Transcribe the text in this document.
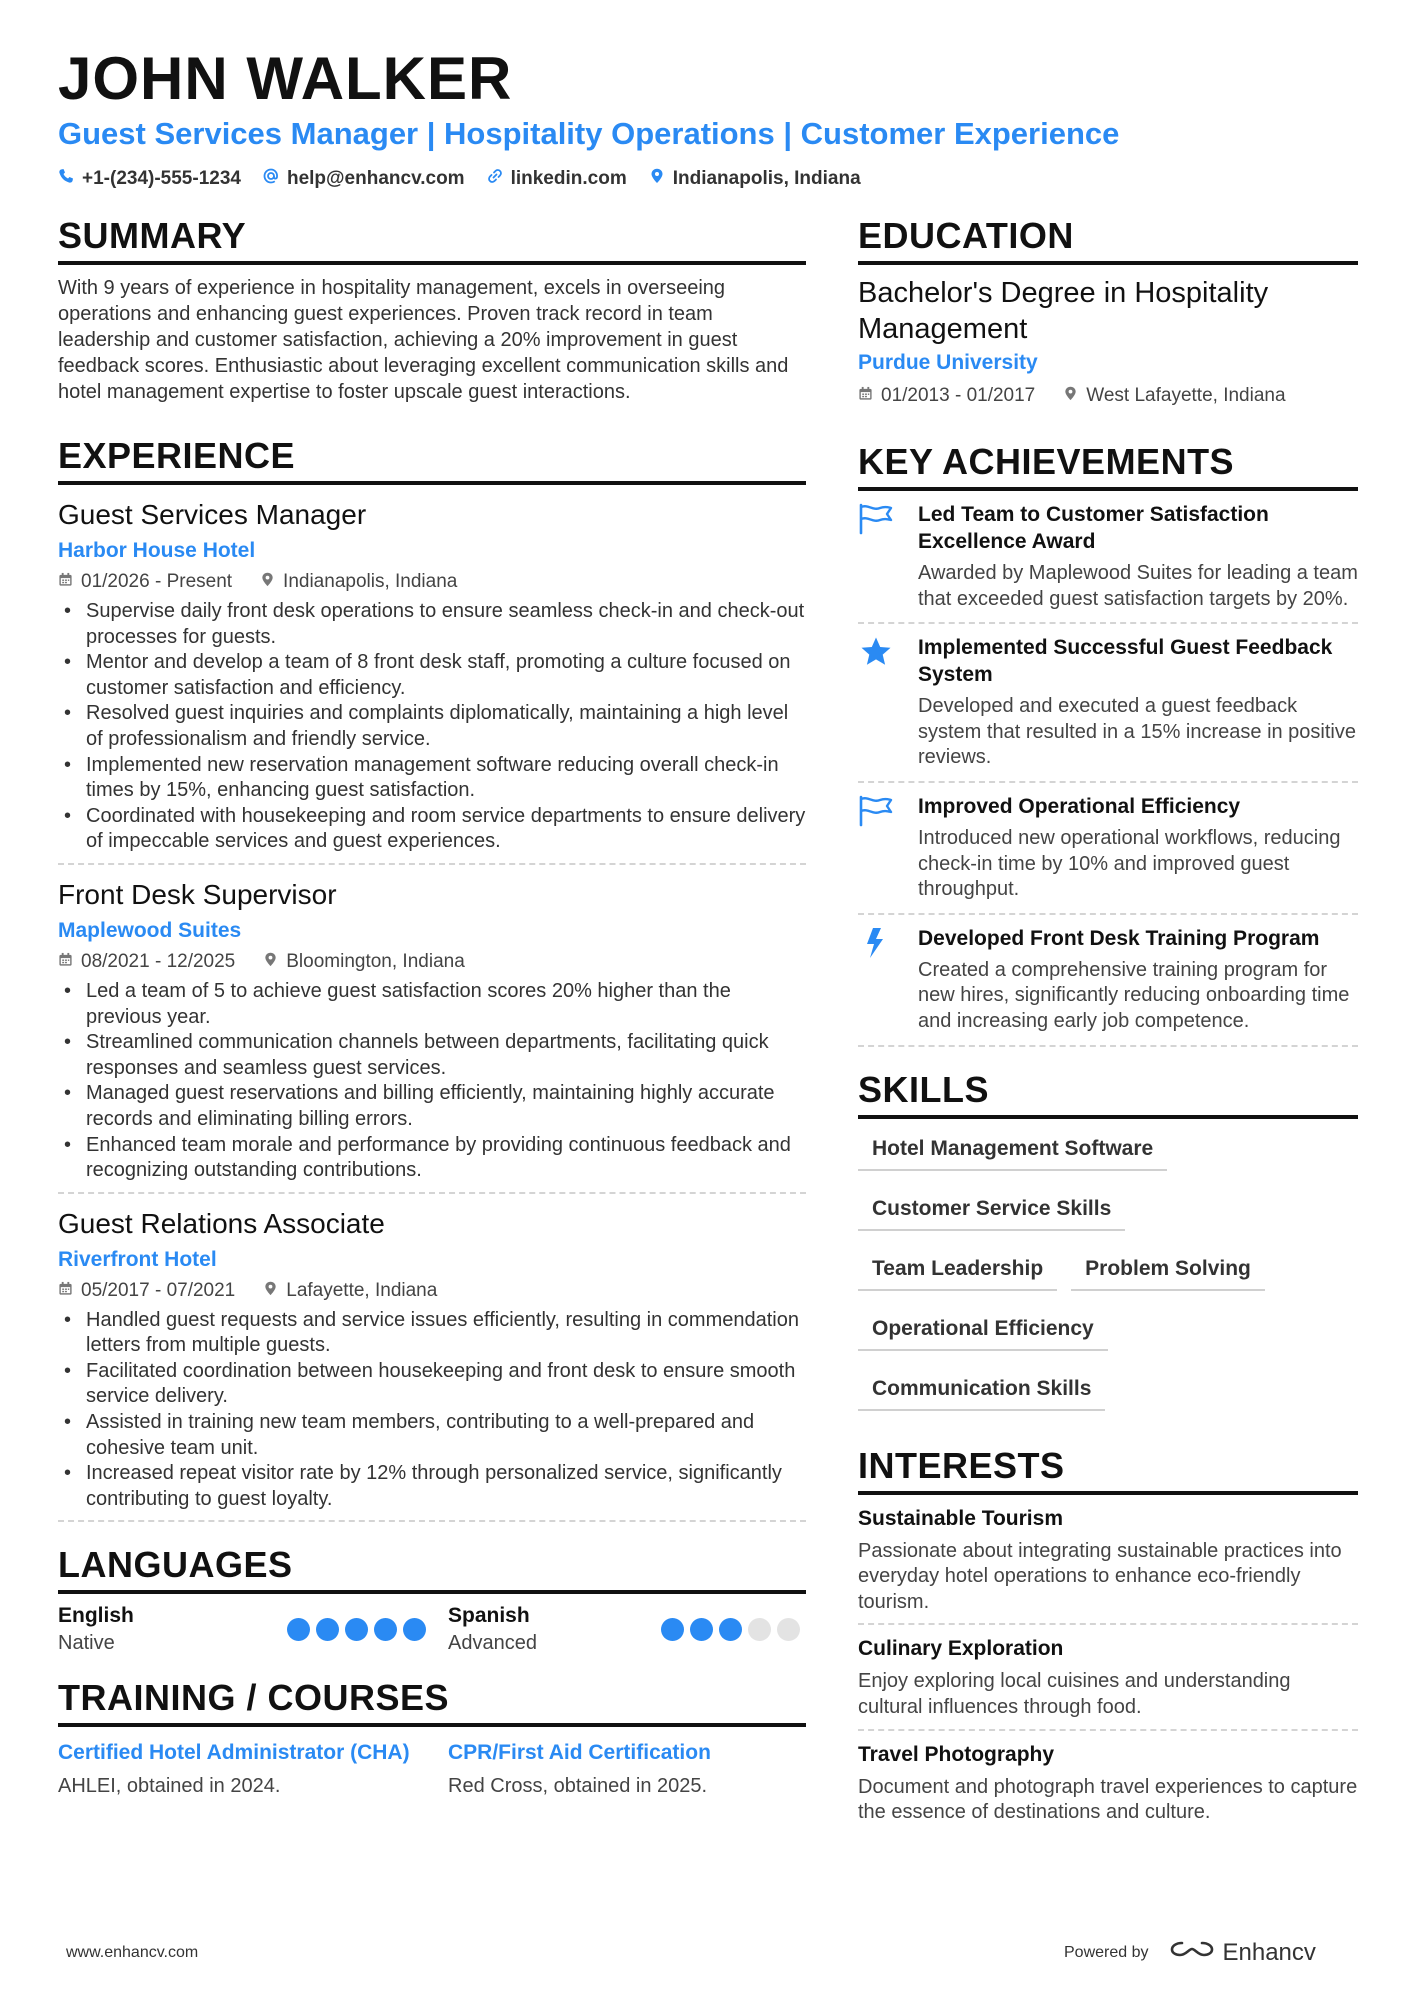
JOHN WALKER
Guest Services Manager | Hospitality Operations | Customer Experience
+1-(234)-555-1234 help@enhancv.com linkedin.com Indianapolis, Indiana
SUMMARY
With 9 years of experience in hospitality management, excels in overseeing operations and enhancing guest experiences. Proven track record in team leadership and customer satisfaction, achieving a 20% improvement in guest feedback scores. Enthusiastic about leveraging excellent communication skills and hotel management expertise to foster upscale guest interactions.
EXPERIENCE
Guest Services Manager
Harbor House Hotel
01/2026 - Present	Indianapolis, Indiana
• Supervise daily front desk operations to ensure seamless check-in and check-out processes for guests.
• Mentor and develop a team of 8 front desk staff, promoting a culture focused on customer satisfaction and efficiency.
• Resolved guest inquiries and complaints diplomatically, maintaining a high level of professionalism and friendly service.
• Implemented new reservation management software reducing overall check-in times by 15%, enhancing guest satisfaction.
• Coordinated with housekeeping and room service departments to ensure delivery of impeccable services and guest experiences.
Front Desk Supervisor
Maplewood Suites
08/2021 - 12/2025	Bloomington, Indiana
• Led a team of 5 to achieve guest satisfaction scores 20% higher than the previous year.
• Streamlined communication channels between departments, facilitating quick responses and seamless guest services.
• Managed guest reservations and billing efficiently, maintaining highly accurate records and eliminating billing errors.
• Enhanced team morale and performance by providing continuous feedback and recognizing outstanding contributions.
Guest Relations Associate
Riverfront Hotel
05/2017 - 07/2021	Lafayette, Indiana
• Handled guest requests and service issues efficiently, resulting in commendation letters from multiple guests.
• Facilitated coordination between housekeeping and front desk to ensure smooth service delivery.
• Assisted in training new team members, contributing to a well-prepared and cohesive team unit.
• Increased repeat visitor rate by 12% through personalized service, significantly contributing to guest loyalty.
LANGUAGES
English
Native
Spanish
Advanced
TRAINING / COURSES
Certified Hotel Administrator (CHA)
AHLEI, obtained in 2024.
CPR/First Aid Certification
Red Cross, obtained in 2025.
EDUCATION
Bachelor's Degree in Hospitality Management
Purdue University
01/2013 - 01/2017	West Lafayette, Indiana
KEY ACHIEVEMENTS
Led Team to Customer Satisfaction Excellence Award
Awarded by Maplewood Suites for leading a team that exceeded guest satisfaction targets by 20%.
Implemented Successful Guest Feedback System
Developed and executed a guest feedback system that resulted in a 15% increase in positive reviews.
Improved Operational Efficiency
Introduced new operational workflows, reducing check-in time by 10% and improved guest throughput.
Developed Front Desk Training Program
Created a comprehensive training program for new hires, significantly reducing onboarding time and increasing early job competence.
SKILLS
Hotel Management Software
Customer Service Skills
Team Leadership	Problem Solving
Operational Efficiency
Communication Skills
INTERESTS
Sustainable Tourism
Passionate about integrating sustainable practices into everyday hotel operations to enhance eco-friendly tourism.
Culinary Exploration
Enjoy exploring local cuisines and understanding cultural influences through food.
Travel Photography
Document and photograph travel experiences to capture the essence of destinations and culture.
www.enhancv.com	Powered by	Enhancv
